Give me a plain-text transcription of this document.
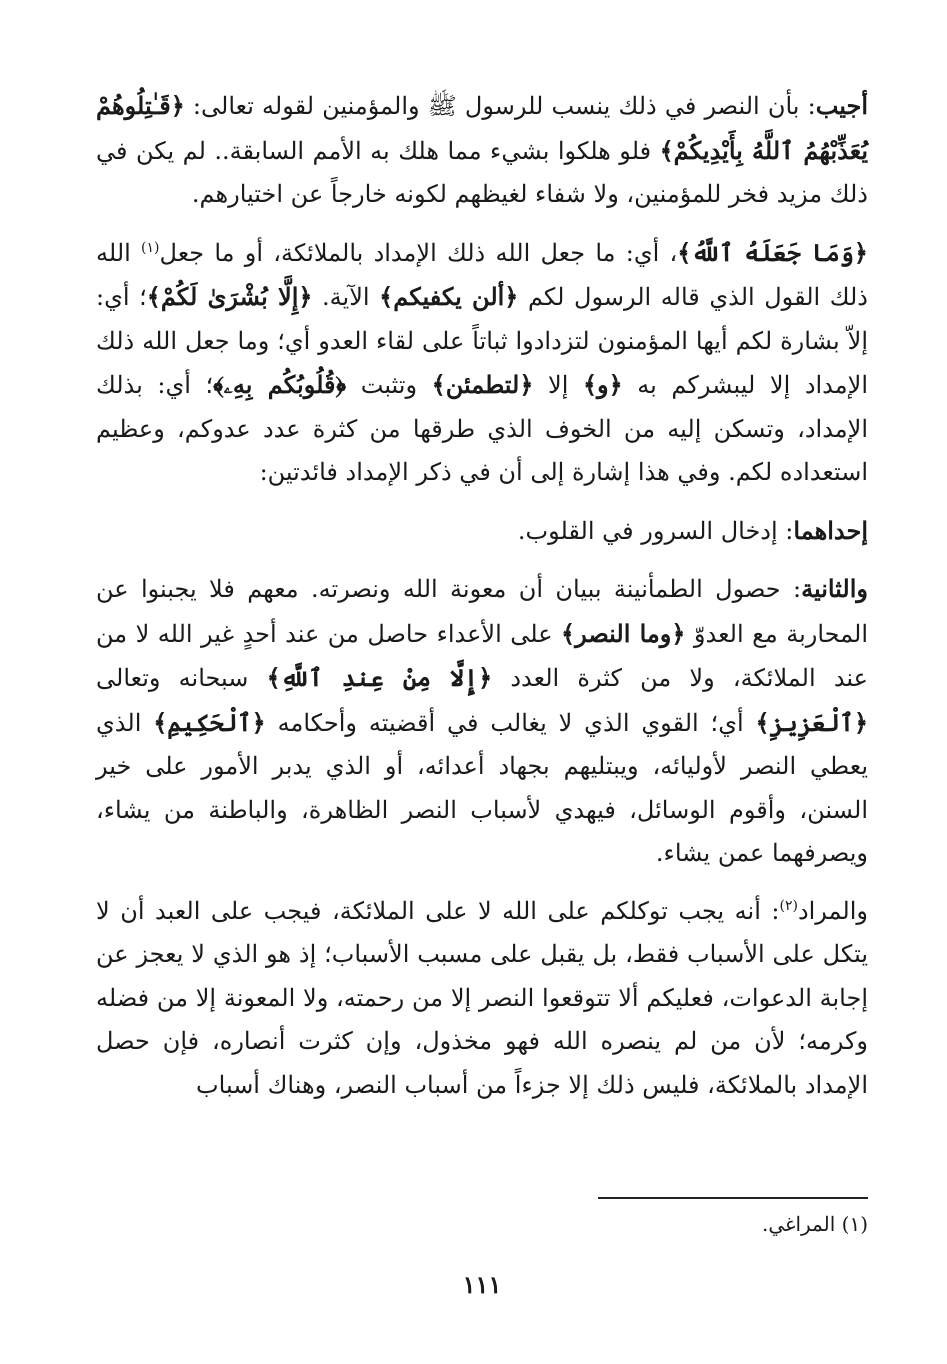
أجيب: بأن النصر في ذلك ينسب للرسول ﷺ والمؤمنين لقوله تعالى: ﴿قَـٰتِلُوهُمْ يُعَذِّبْهُمُ ٱللَّهُ بِأَيْدِيكُمْ﴾ فلو هلكوا بشيء مما هلك به الأمم السابقة.. لم يكن في ذلك مزيد فخر للمؤمنين، ولا شفاء لغيظهم لكونه خارجاً عن اختيارهم.

﴿وَمَا جَعَلَهُ ٱللَّهُ﴾، أي: ما جعل الله ذلك الإمداد بالملائكة، أو ما جعل$^{(١)}$ الله ذلك القول الذي قاله الرسول لكم ﴿ألن يكفيكم﴾ الآية. ﴿إِلَّا بُشْرَىٰ لَكُمْ﴾؛ أي: إلاّ بشارة لكم أيها المؤمنون لتزدادوا ثباتاً على لقاء العدو أي؛ وما جعل الله ذلك الإمداد إلا ليبشركم به ﴿و﴾ إلا ﴿لتطمئن﴾ وتثبت ﴿قُلُوبُكُم بِهِۦ﴾؛ أي: بذلك الإمداد، وتسكن إليه من الخوف الذي طرقها من كثرة عدد عدوكم، وعظيم استعداده لكم. وفي هذا إشارة إلى أن في ذكر الإمداد فائدتين:

إحداهما: إدخال السرور في القلوب.

والثانية: حصول الطمأنينة ببيان أن معونة الله ونصرته. معهم فلا يجبنوا عن المحاربة مع العدوّ ﴿وما النصر﴾ على الأعداء حاصل من عند أحدٍ غير الله لا من عند الملائكة، ولا من كثرة العدد ﴿إِلَّا مِنْ عِندِ ٱللَّهِ﴾ سبحانه وتعالى ﴿ٱلْعَزِيزِ﴾ أي؛ القوي الذي لا يغالب في أقضيته وأحكامه ﴿ٱلْحَكِيمِ﴾ الذي يعطي النصر لأوليائه، ويبتليهم بجهاد أعدائه، أو الذي يدبر الأمور على خير السنن، وأقوم الوسائل، فيهدي لأسباب النصر الظاهرة، والباطنة من يشاء، ويصرفهما عمن يشاء.

والمراد$^{(٢)}$: أنه يجب توكلكم على الله لا على الملائكة، فيجب على العبد أن لا يتكل على الأسباب فقط، بل يقبل على مسبب الأسباب؛ إذ هو الذي لا يعجز عن إجابة الدعوات، فعليكم ألا تتوقعوا النصر إلا من رحمته، ولا المعونة إلا من فضله وكرمه؛ لأن من لم ينصره الله فهو مخذول، وإن كثرت أنصاره، فإن حصل الإمداد بالملائكة، فليس ذلك إلا جزءاً من أسباب النصر، وهناك أسباب

(١) المراغي.
١١١
